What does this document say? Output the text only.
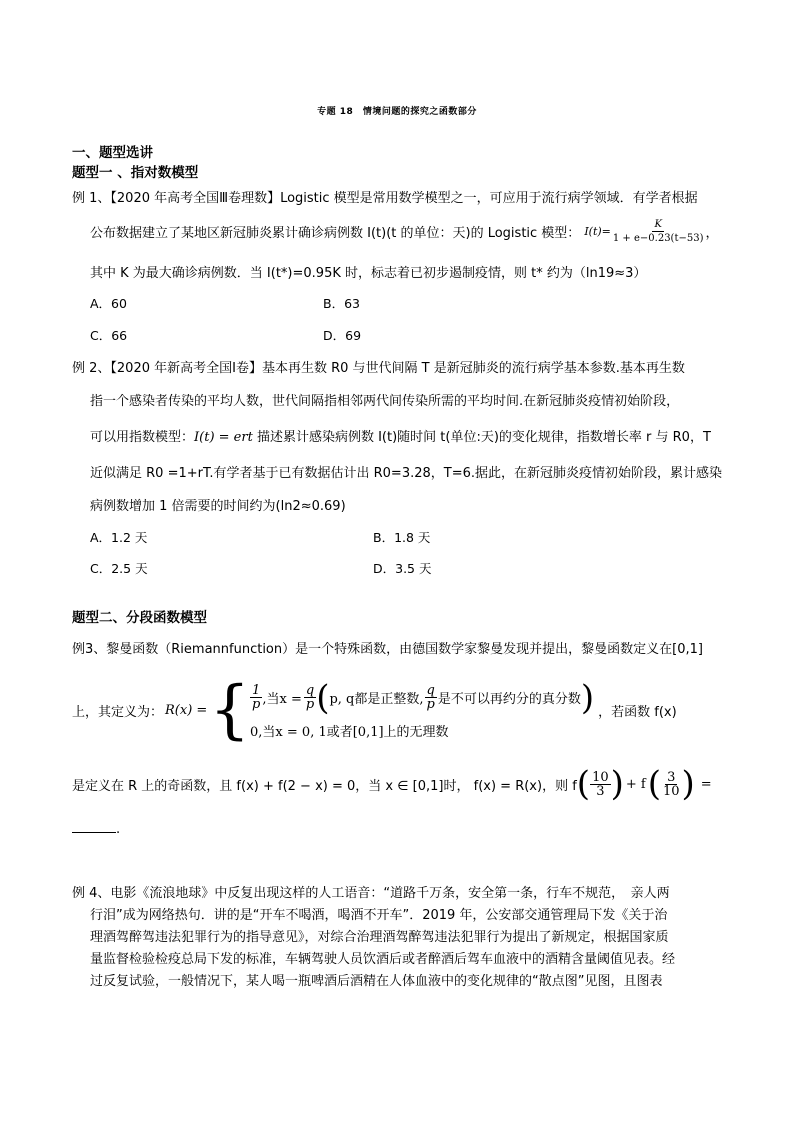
专题 18　情境问题的探究之函数部分
一、题型选讲
题型一 、指对数模型
例 1、【2020 年高考全国Ⅲ卷理数】Logistic 模型是常用数学模型之一，可应用于流行病学领域．有学者根据
公布数据建立了某地区新冠肺炎累计确诊病例数 I(t)(t 的单位：天)的 Logistic 模型： $I(t)= \frac{K}{1 + e-0.23(t-53)}$ ，
其中 K 为最大确诊病例数．当 I(t*)=0.95K 时，标志着已初步遏制疫情，则 t* 约为（ln19≈3）
A．60	B．63
C．66	D．69
例 2、【2020 年新高考全国Ⅰ卷】基本再生数 R0 与世代间隔 T 是新冠肺炎的流行病学基本参数.基本再生数
指一个感染者传染的平均人数，世代间隔指相邻两代间传染所需的平均时间.在新冠肺炎疫情初始阶段，
可以用指数模型：I(t) = ert 描述累计感染病例数 I(t)随时间 t(单位:天)的变化规律，指数增长率 r 与 R0，T
近似满足 R0 =1+rT.有学者基于已有数据估计出 R0=3.28，T=6.据此，在新冠肺炎疫情初始阶段，累计感染
病例数增加 1 倍需要的时间约为(ln2≈0.69)
A．1.2 天	B．1.8 天
C．2.5 天	D．3.5 天
题型二、分段函数模型
例3、黎曼函数（Riemannfunction）是一个特殊函数，由德国数学家黎曼发现并提出，黎曼函数定义在[0,1]
上，其定义为： R(x) = { $\frac{1}{p}$ ,当$x = \frac{q}{p}$ ( p, q都是正整数, $\frac{q}{p}$ 是不可以再约分的真分数 )
0,当x = 0, 1或者[0,1]上的无理数
，若函数 f(x)
是定义在 R 上的奇函数，且 f(x) + f(2 − x) = 0，当 x ∈ [0,1]时， f(x) = R(x)，则 f ( $\frac{10}{3}$ ) + f ( $\frac{3}{10}$ ) =
.
例 4、电影《流浪地球》中反复出现这样的人工语音：“道路千万条，安全第一条，行车不规范，　亲人两
行泪”成为网络热句．讲的是“开车不喝酒，喝酒不开车”．2019 年，公安部交通管理局下发《关于治
理酒驾醉驾违法犯罪行为的指导意见》，对综合治理酒驾醉驾违法犯罪行为提出了新规定，根据国家质
量监督检验检疫总局下发的标准，车辆驾驶人员饮酒后或者醉酒后驾车血液中的酒精含量阈值见表。经
过反复试验，一般情况下，某人喝一瓶啤酒后酒精在人体血液中的变化规律的“散点图”见图，且图表
